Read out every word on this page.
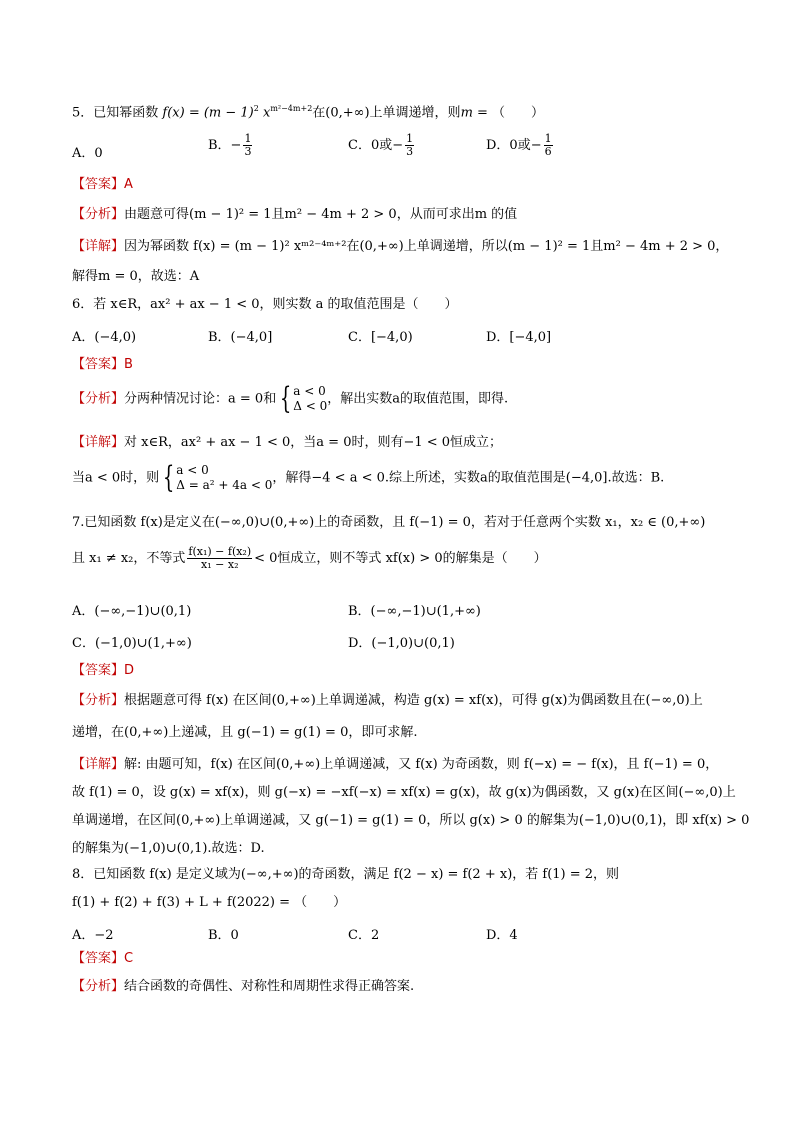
5．已知幂函数 $f(x) = (m - 1)^2$ $x^{m^2-4m+2}$在(0,+∞)上单调递增，则m = （　　）
A．0
B．− $\frac{1}{3}$	C．0或− $\frac{1}{3}$	D．0或− $\frac{1}{6}$
【答案】A
【分析】由题意可得(m − 1)² = 1且m² − 4m + 2 > 0，从而可求出m 的值
【详解】因为幂函数 f(x) = (m − 1)² xᵐ²⁻⁴ᵐ⁺²在(0,+∞)上单调递增，所以(m − 1)² = 1且m² − 4m + 2 > 0，
解得m = 0，故选：A
6．若 x∈R，ax² + ax − 1 < 0，则实数 a 的取值范围是（　　）
A．(−4,0)	B．(−4,0]	C．[−4,0)	D．[−4,0]
【答案】B
【分析】分两种情况讨论：a = 0和 { a < 0
Δ < 0 ，解出实数a的取值范围，即得.
【详解】对 x∈R，ax² + ax − 1 < 0，当a = 0时，则有−1 < 0恒成立；
当a < 0时，则 { a < 0
Δ = a² + 4a < 0 ，解得−4 < a < 0.综上所述，实数a的取值范围是(−4,0].故选：B.
7.已知函数 f(x)是定义在(−∞,0)∪(0,+∞)上的奇函数，且 f(−1) = 0，若对于任意两个实数 x₁，x₂ ∈ (0,+∞)
且 x₁ ≠ x₂，不等式 $\frac{\text{f(x₁) − f(x₂)}}{\text{x₁ − x₂}} < 0$恒成立，则不等式 xf(x) > 0的解集是（　　）
A．(−∞,−1)∪(0,1)	B．(−∞,−1)∪(1,+∞)
C．(−1,0)∪(1,+∞)	D．(−1,0)∪(0,1)
【答案】D
【分析】根据题意可得 f(x) 在区间(0,+∞)上单调递减，构造 g(x) = xf(x)，可得 g(x)为偶函数且在(−∞,0)上
递增，在(0,+∞)上递减，且 g(−1) = g(1) = 0，即可求解.
【详解】解: 由题可知，f(x) 在区间(0,+∞)上单调递减，又 f(x) 为奇函数，则 f(−x) = − f(x)，且 f(−1) = 0，
故 f(1) = 0，设 g(x) = xf(x)，则 g(−x) = −xf(−x) = xf(x) = g(x)，故 g(x)为偶函数，又 g(x)在区间(−∞,0)上
单调递增，在区间(0,+∞)上单调递减，又 g(−1) = g(1) = 0，所以 g(x) > 0 的解集为(−1,0)∪(0,1)，即 xf(x) > 0
的解集为(−1,0)∪(0,1).故选：D.
8．已知函数 f(x) 是定义域为(−∞,+∞)的奇函数，满足 f(2 − x) = f(2 + x)，若 f(1) = 2，则
f(1) + f(2) + f(3) + L + f(2022) = （　　）
A．−2	B．0	C．2	D．4
【答案】C
【分析】结合函数的奇偶性、对称性和周期性求得正确答案.
